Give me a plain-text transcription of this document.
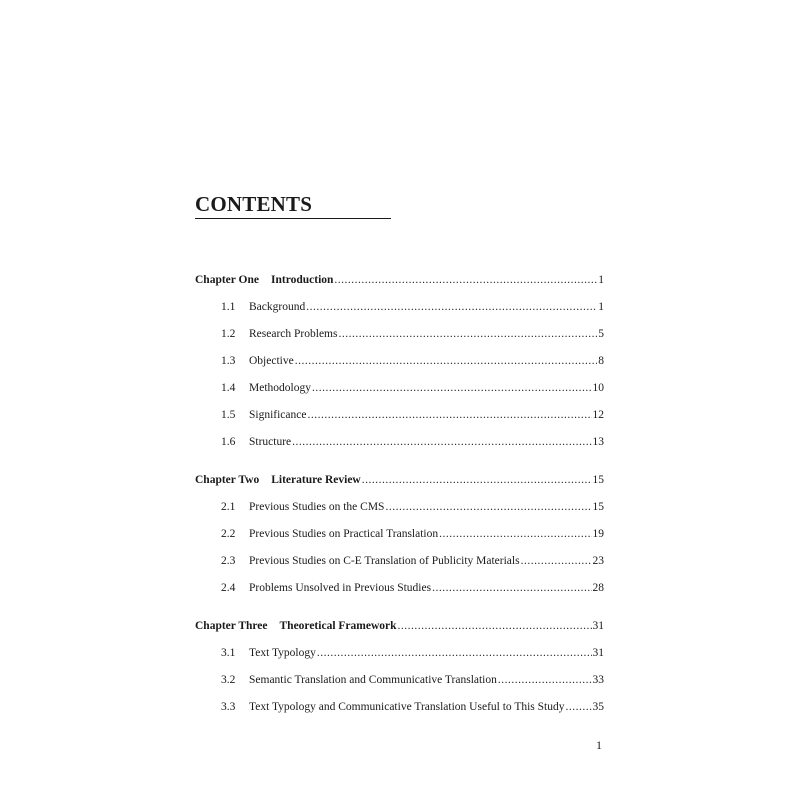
CONTENTS
Chapter One Introduction .....	1
1.1	Background .....	1
1.2	Research Problems .....	5
1.3	Objective .....	8
1.4	Methodology .....	10
1.5	Significance .....	12
1.6	Structure .....	13
Chapter Two Literature Review .....	15
2.1	Previous Studies on the CMS .....	15
2.2	Previous Studies on Practical Translation .....	19
2.3	Previous Studies on C-E Translation of Publicity Materials .....	23
2.4	Problems Unsolved in Previous Studies .....	28
Chapter Three Theoretical Framework .....	31
3.1	Text Typology .....	31
3.2	Semantic Translation and Communicative Translation .....	33
3.3	Text Typology and Communicative Translation Useful to This Study ..... 35
1
